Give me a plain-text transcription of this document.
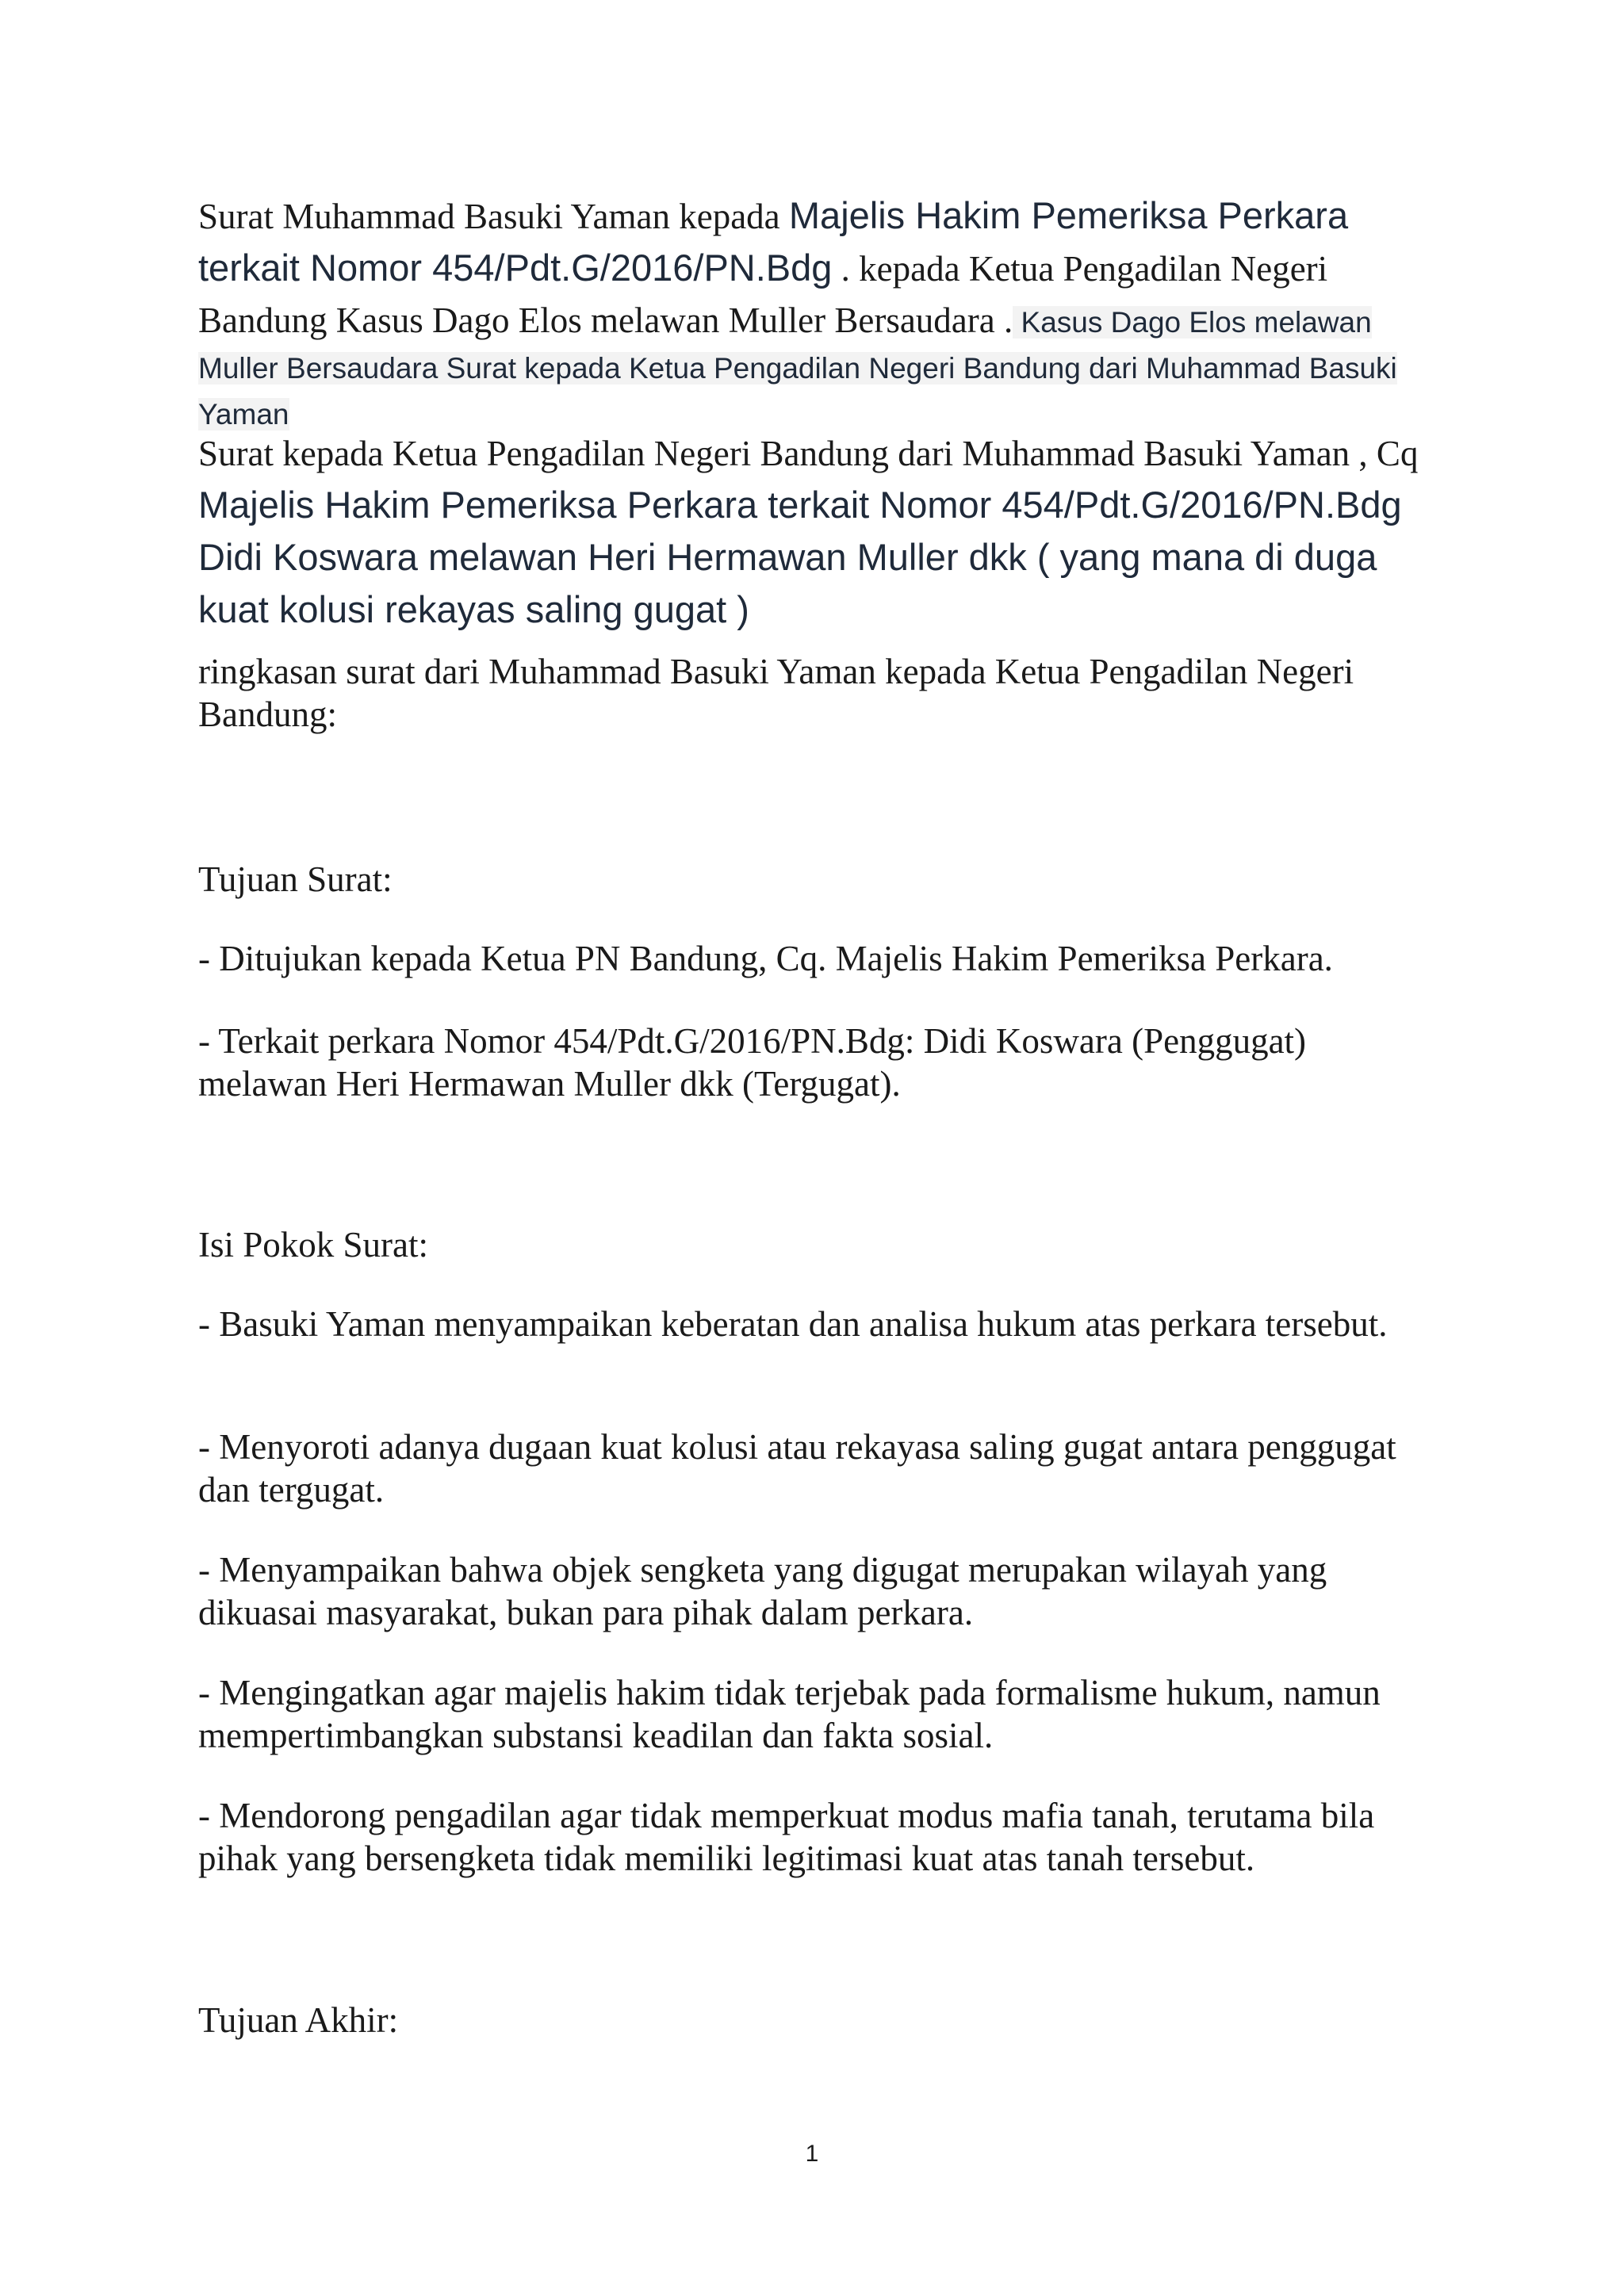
Surat Muhammad Basuki Yaman kepada Majelis Hakim Pemeriksa Perkara terkait Nomor 454/Pdt.G/2016/PN.Bdg . kepada Ketua Pengadilan Negeri Bandung Kasus Dago Elos melawan Muller Bersaudara . Kasus Dago Elos melawan Muller Bersaudara Surat kepada Ketua Pengadilan Negeri Bandung dari Muhammad Basuki Yaman

Surat kepada Ketua Pengadilan Negeri Bandung dari Muhammad Basuki Yaman , Cq Majelis Hakim Pemeriksa Perkara terkait Nomor 454/Pdt.G/2016/PN.Bdg Didi Koswara melawan Heri Hermawan Muller dkk ( yang mana di duga kuat kolusi rekayas saling gugat )

ringkasan surat dari Muhammad Basuki Yaman kepada Ketua Pengadilan Negeri Bandung:
Tujuan Surat:
- Ditujukan kepada Ketua PN Bandung, Cq. Majelis Hakim Pemeriksa Perkara.
- Terkait perkara Nomor 454/Pdt.G/2016/PN.Bdg: Didi Koswara (Penggugat) melawan Heri Hermawan Muller dkk (Tergugat).
Isi Pokok Surat:
- Basuki Yaman menyampaikan keberatan dan analisa hukum atas perkara tersebut.
- Menyoroti adanya dugaan kuat kolusi atau rekayasa saling gugat antara penggugat dan tergugat.
- Menyampaikan bahwa objek sengketa yang digugat merupakan wilayah yang dikuasai masyarakat, bukan para pihak dalam perkara.
- Mengingatkan agar majelis hakim tidak terjebak pada formalisme hukum, namun mempertimbangkan substansi keadilan dan fakta sosial.
- Mendorong pengadilan agar tidak memperkuat modus mafia tanah, terutama bila pihak yang bersengketa tidak memiliki legitimasi kuat atas tanah tersebut.
Tujuan Akhir:
1
